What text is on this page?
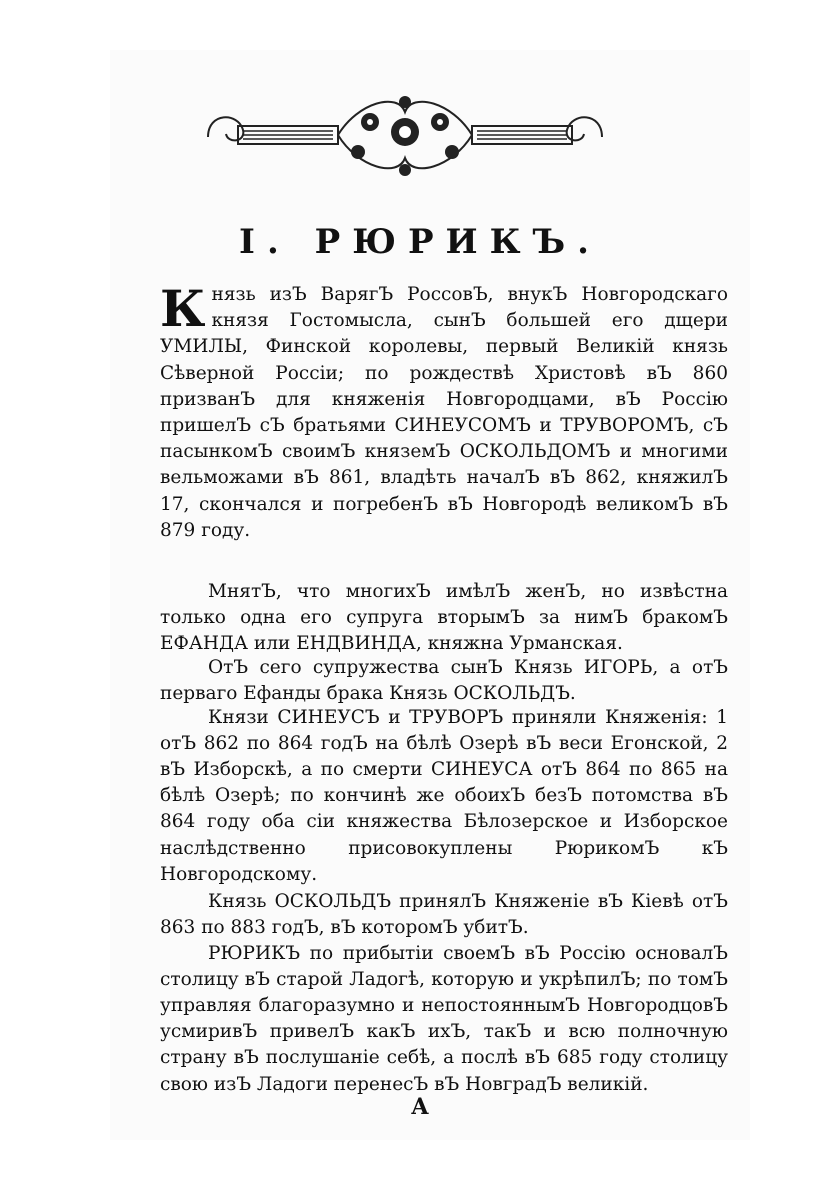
I. РЮРИКЪ.
К нязь изЪ ВарягЪ РоссовЪ, внукЪ Новгородскаго князя Гостомысла, сынЪ большей его дщери УМИЛЫ, Финской королевы, первый Великій князь Сѣверной Россіи; по рождествѣ Христовѣ вЪ 860 призванЪ для княженія Новгородцами, вЪ Россію пришелЪ сЪ братьями СИНЕУСОМЪ и ТРУВОРОМЪ, сЪ пасынкомЪ своимЪ княземЪ ОСКОЛЬДОМЪ и многими вельможами вЪ 861, владѣть началЪ вЪ 862, княжилЪ 17, скончался и погребенЪ вЪ Новгородѣ великомЪ вЪ 879 году.

МнятЪ, что многихЪ имѣлЪ женЪ, но извѣстна только одна его супруга вторымЪ за нимЪ бракомЪ ЕФАНДА или ЕНДВИНДА, княжна Урманская.

ОтЪ сего супружества сынЪ Князь ИГОРЬ, а отЪ перваго Ефанды брака Князь ОСКОЛЬДЪ.

Князи СИНЕУСЪ и ТРУВОРЪ приняли Княженія: 1 отЪ 862 по 864 годЪ на бѣлѣ Озерѣ вЪ веси Егонской, 2 вЪ Изборскѣ, а по смерти СИНЕУСА отЪ 864 по 865 на бѣлѣ Озерѣ; по кончинѣ же обоихЪ безЪ потомства вЪ 864 году оба сіи княжества Бѣлозерское и Изборское наслѣдственно присовокуплены РюрикомЪ кЪ Новгородскому.

Князь ОСКОЛЬДЪ принялЪ Княженіе вЪ Кіевѣ отЪ 863 по 883 годЪ, вЪ которомЪ убитЪ.

РЮРИКЪ по прибытіи своемЪ вЪ Россію основалЪ столицу вЪ старой Ладогѣ, которую и укрѣпилЪ; по томЪ управляя благоразумно и непостояннымЪ НовгородцовЪ усмиривЪ привелЪ какЪ ихЪ, такЪ и всю полночную страну вЪ послушаніе себѣ, а послѣ вЪ 685 году столицу свою изЪ Ладоги перенесЪ вЪ НовградЪ великій.

А
